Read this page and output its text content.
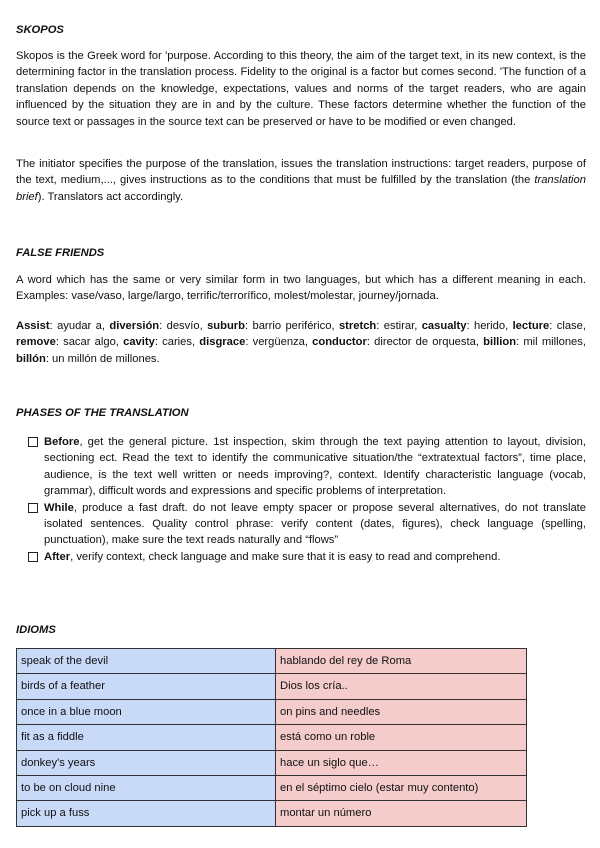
SKOPOS

Skopos is the Greek word for 'purpose. According to this theory, the aim of the target text, in its new context, is the determining factor in the translation process. Fidelity to the original is a factor but comes second. 'The function of a translation depends on the knowledge, expectations, values and norms of the target readers, who are again influenced by the situation they are in and by the culture. These factors determine whether the function of the source text or passages in the source text can be preserved or have to be modified or even changed.

The initiator specifies the purpose of the translation, issues the translation instructions: target readers, purpose of the text, medium,..., gives instructions as to the conditions that must be fulfilled by the translation (the translation brief). Translators act accordingly.

FALSE FRIENDS

A word which has the same or very similar form in two languages, but which has a different meaning in each. Examples: vase/vaso, large/largo, terrific/terrorífico, molest/molestar, journey/jornada.

Assist: ayudar a, diversión: desvío, suburb: barrio periférico, stretch: estirar, casualty: herido, lecture: clase, remove: sacar algo, cavity: caries, disgrace: vergüenza, conductor: director de orquesta, billion: mil millones, billón: un millón de millones.

PHASES OF THE TRANSLATION
Before, get the general picture. 1st inspection, skim through the text paying attention to layout, division, sectioning ect. Read the text to identify the communicative situation/the “extratextual factors”, time place, audience, is the text well written or needs improving?, context. Identify characteristic language (vocab, grammar), difficult words and expressions and specific problems of interpretation.
While, produce a fast draft. do not leave empty spacer or propose several alternatives, do not translate isolated sentences. Quality control phrase: verify content (dates, figures), check language (spelling, punctuation), make sure the text reads naturally and “flows”
After, verify context, check language and make sure that it is easy to read and comprehend.
IDIOMS
speak of the devil	hablando del rey de Roma
birds of a feather	Dios los cría..
once in a blue moon	on pins and needles
fit as a fiddle	está como un roble
donkey's years	hace un siglo que…
to be on cloud nine	en el séptimo cielo (estar muy contento)
pick up a fuss	montar un número
